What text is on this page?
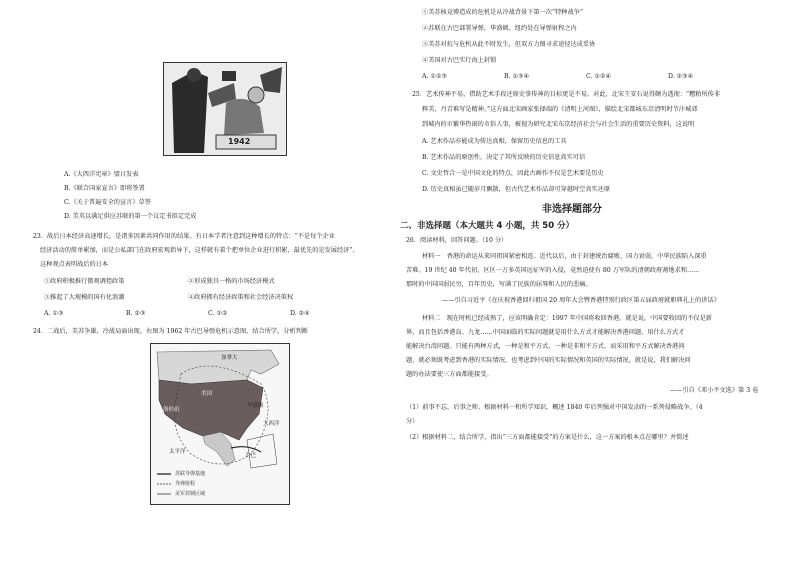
1942
A.《大西洋宪章》盟日发表
B.《联合国家宣言》即将签署
C.《关于普遍安全的宣言》草签
D. 美英以满足供应苏联的第一个议定书拟定完成
23．战后日本经济高速增长，是诸多因素共同作用的结果。有日本学者注意到这种增长的特点：“不是每个企业
经济活动的简单累加，而是公私部门在政府宏观指导下，这样就有着个把单位企业进行积累，最优先的是发展经济”。
这种观点表明战后的日本
①政府积极推行微观调控政策	②形成独具一格的市场经济模式
③推起了大规模的国有化浪潮	④政府拥有经济政策和社会经济决策权
A. ①③	B. ②③	C. ①②	D. ②④
24．二战后，美苏争雄，冷战局面出现。右图为 1962 年古巴导弹危机示意图，结合所学，分析判断
加拿大
美国
华盛顿
洛杉矶
大西洋
太平洋
古巴
苏联导弹基地
导弹射程
美军封锁区域
①美苏核竞博造成的危机是从冷战背景下第一次“特种战争”
②苏联在古巴部署导弹，华盛顿、纽约处在导弹射程之内
③美苏对抗与危机从此不时发生，但双方力图寻求途径达成妥协
④美国对古巴实行海上封锁
A. ①②③	B. ①③④	C. ①②④	D. ②③④
25．艺术传神不易，借助艺术手段还原史事传神的目标更是不易。对此，北宋王安石说得颇为透彻：“糟粕所传非
粹美，丹青难写是精神。”这方面北宋画家张择端的《清明上河图》，描绘北宋都城东京清明时节汴城郊
到城内的市繁华热闹的市俗人事，被视为研究北宋东京经济社会与社会生活的重要历史资料，这说明
A. 艺术作品亦能成为传达真相，保留历史信息的工具
B. 艺术作品的原创性，决定了其所反映的历史信息真实可信
C. 文史哲合一是中国文化的特点，因此古画作不仅是艺术要是历史
D. 历史真相虽已随岁月飘散，但古代艺术作品却可穿越时空真实还原
非选择题部分
二、非选择题（本大题共 4 小题，共 50 分）
26．阅读材料，回答问题。（10 分）
材料一　香港的命运从来同祖国紧密相连。近代以后，由于封建统治腐败、国力衰弱，中华民族陷入深重
苦难。19 世纪 40 年代初，区区一万多英国远征军的入侵，竟然迫使有 80 万军队的清朝政府割地求和……
那时的中国国弱民穷，百年历史，写满了民族的屈辱和人民的悲痛。
——引自习近平《在庆祝香港回归祖国 20 周年大会暨香港特别行政区第五届政府就职典礼上的讲话》
材料二　现在时机已经成熟了，应该明确肯定：1997 年中国将收回香港。就是说，中国要收回的不仅是新
界，而且包括香港岛、九龙……中国面临的实际问题就是用什么方式才能解决香港问题，用什么方式才
能解决台湾问题。只能有两种方式，一种是和平方式，一种是非和平方式，而采用和平方式解决香港问
题，就必须既考虑到香港的实际情况，也考虑到中国的实际情况和英国的实际情况，就是说，我们解决问
题的办法要使三方面都能接受。
——引自《邓小平文选》第 3 卷
（1）前事不忘，后事之师。根据材料一和所学知识，概述 1840 年后列强对中国发动的一系列侵略战争。（4
分）
（2）根据材料二，结合所学，指出“三方面都能接受”的方案是什么，这一方案的根本点在哪里？并简述
